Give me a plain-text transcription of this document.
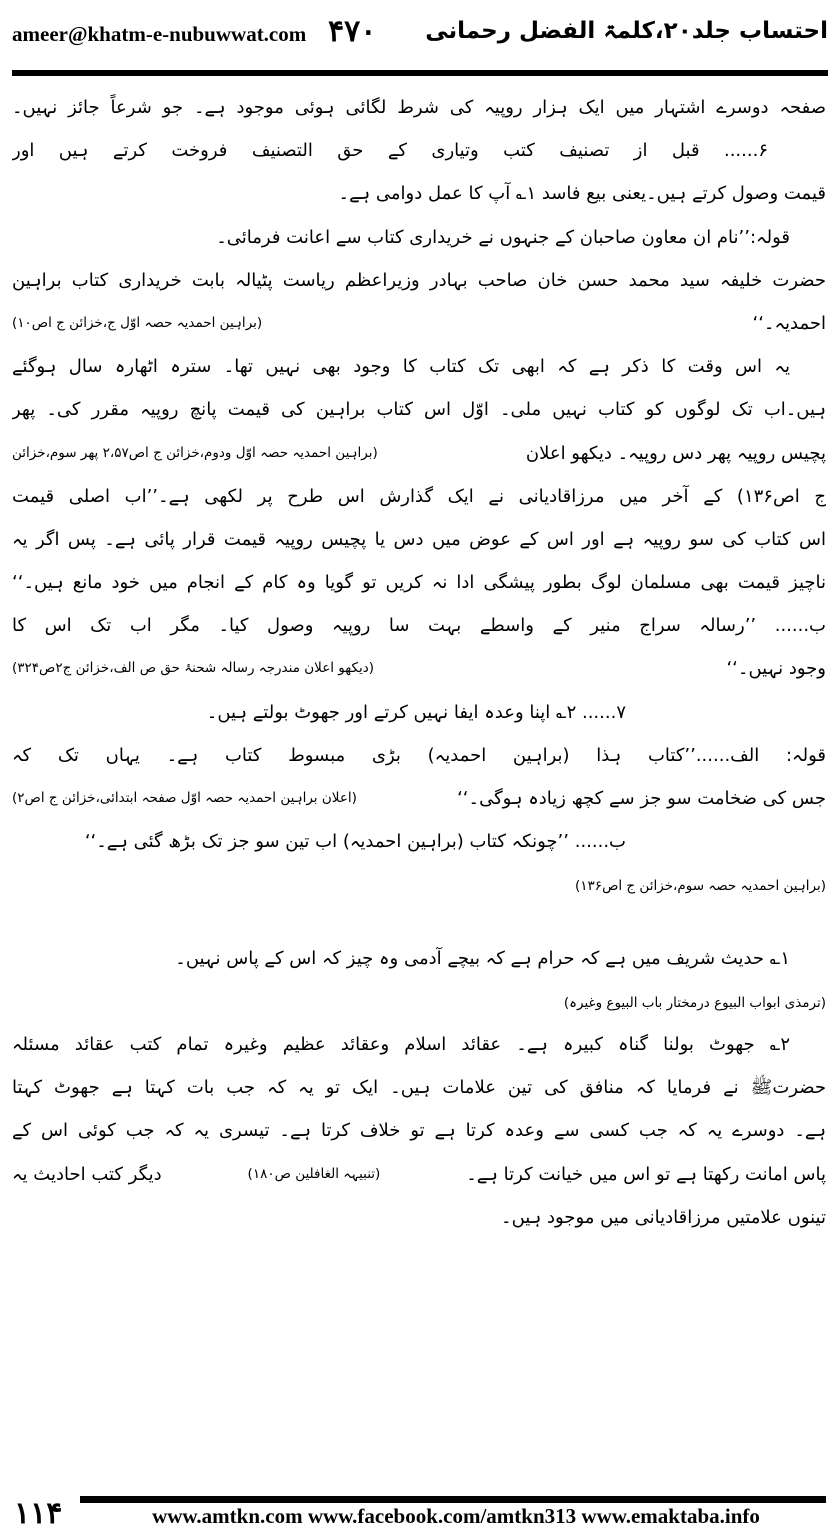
ameer@khatm-e-nubuwwat.com ۴۷۰ احتساب جلد۲۰،کلمۃ الفضل رحمانی
صفحہ دوسرے اشتہار میں ایک ہزار روپیہ کی شرط لگائی ہوئی موجود ہے۔ جو شرعاً جائز نہیں۔
۶...... قبل از تصنیف کتب وتیاری کے حق التصنیف فروخت کرتے ہیں اور
قیمت وصول کرتے ہیں۔یعنی بیع فاسد ۱؎ آپ کا عمل دوامی ہے۔
قولہ:’’نام ان معاون صاحبان کے جنہوں نے خریداری کتاب سے اعانت فرمائی۔
حضرت خلیفہ سید محمد حسن خان صاحب بہادر وزیراعظم ریاست پٹیالہ بابت خریداری کتاب براہین
احمدیہ۔‘‘
(براہین احمدیہ حصہ اوّل ج،خزائن ج اص۱۰)
یہ اس وقت کا ذکر ہے کہ ابھی تک کتاب کا وجود بھی نہیں تھا۔ سترہ اٹھارہ سال ہوگئے
ہیں۔اب تک لوگوں کو کتاب نہیں ملی۔ اوّل اس کتاب براہین کی قیمت پانچ روپیہ مقرر کی۔ پھر
پچیس روپیہ پھر دس روپیہ۔ دیکھو اعلان
(براہین احمدیہ حصہ اوّل ودوم،خزائن ج اص۲،۵۷ پھر سوم،خزائن
ج اص۱۳۶) کے آخر میں مرزاقادیانی نے ایک گذارش اس طرح پر لکھی ہے۔’’اب اصلی قیمت
اس کتاب کی سو روپیہ ہے اور اس کے عوض میں دس یا پچیس روپیہ قیمت قرار پائی ہے۔ پس اگر یہ
ناچیز قیمت بھی مسلمان لوگ بطور پیشگی ادا نہ کریں تو گویا وہ کام کے انجام میں خود مانع ہیں۔‘‘
ب...... ’’رسالہ سراج منیر کے واسطے بہت سا روپیہ وصول کیا۔ مگر اب تک اس کا
وجود نہیں۔‘‘
(دیکھو اعلان مندرجہ رسالہ شحنۂ حق ص الف،خزائن ج۲ص۳۲۴)
۷...... ۲؎ اپنا وعدہ ایفا نہیں کرتے اور جھوٹ بولتے ہیں۔
قولہ: الف......’’کتاب ہذا (براہین احمدیہ) بڑی مبسوط کتاب ہے۔ یہاں تک کہ
جس کی ضخامت سو جز سے کچھ زیادہ ہوگی۔‘‘
(اعلان براہین احمدیہ حصہ اوّل صفحہ ابتدائی،خزائن ج اص۲)
ب...... ’’چونکہ کتاب (براہین احمدیہ) اب تین سو جز تک بڑھ گئی ہے۔‘‘
(براہین احمدیہ حصہ سوم،خزائن ج اص۱۳۶)
۱؎ حدیث شریف میں ہے کہ حرام ہے کہ بیچے آدمی وہ چیز کہ اس کے پاس نہیں۔
(ترمذی ابواب البیوع درمختار باب البیوع وغیرہ)
۲؎ جھوٹ بولنا گناہ کبیرہ ہے۔ عقائد اسلام وعقائد عظیم وغیرہ تمام کتب عقائد مسئلہ
حضرتﷺ نے فرمایا کہ منافق کی تین علامات ہیں۔ ایک تو یہ کہ جب بات کہتا ہے جھوٹ کہتا
ہے۔ دوسرے یہ کہ جب کسی سے وعدہ کرتا ہے تو خلاف کرتا ہے۔ تیسری یہ کہ جب کوئی اس کے
پاس امانت رکھتا ہے تو اس میں خیانت کرتا ہے۔
(تنبیہہ الغافلین ص۱۸۰)
دیگر کتب احادیث یہ
تینوں علامتیں مرزاقادیانی میں موجود ہیں۔
۱۱۴	www.amtkn.com www.facebook.com/amtkn313 www.emaktaba.info
